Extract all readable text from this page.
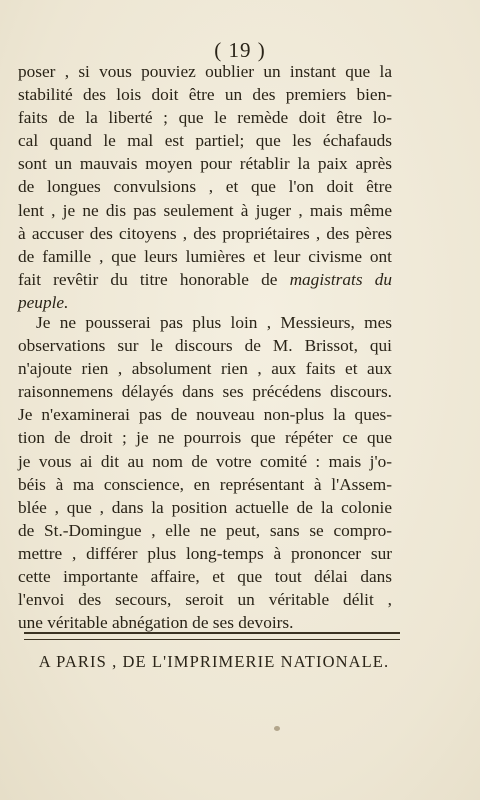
( 19 )
poser , si vous pouviez oublier un instant que la
stabilité des lois doit être un des premiers bien-
faits de la liberté ; que le remède doit être lo-
cal quand le mal est partiel; que les échafauds
sont un mauvais moyen pour rétablir la paix après
de longues convulsions , et que l'on doit être
lent , je ne dis pas seulement à juger , mais même
à accuser des citoyens , des propriétaires , des pères
de famille , que leurs lumières et leur civisme ont
fait revêtir du titre honorable de magistrats du
peuple.
Je ne pousserai pas plus loin , Messieurs, mes
observations sur le discours de M. Brissot, qui
n'ajoute rien , absolument rien , aux faits et aux
raisonnemens délayés dans ses précédens discours.
Je n'examinerai pas de nouveau non-plus la ques-
tion de droit ; je ne pourrois que répéter ce que
je vous ai dit au nom de votre comité : mais j'o-
béis à ma conscience, en représentant à l'Assem-
blée , que , dans la position actuelle de la colonie
de St.-Domingue , elle ne peut, sans se compro-
mettre , différer plus long-temps à prononcer sur
cette importante affaire, et que tout délai dans
l'envoi des secours, seroit un véritable délit ,
une véritable abnégation de ses devoirs.
A PARIS , DE L'IMPRIMERIE NATIONALE.
